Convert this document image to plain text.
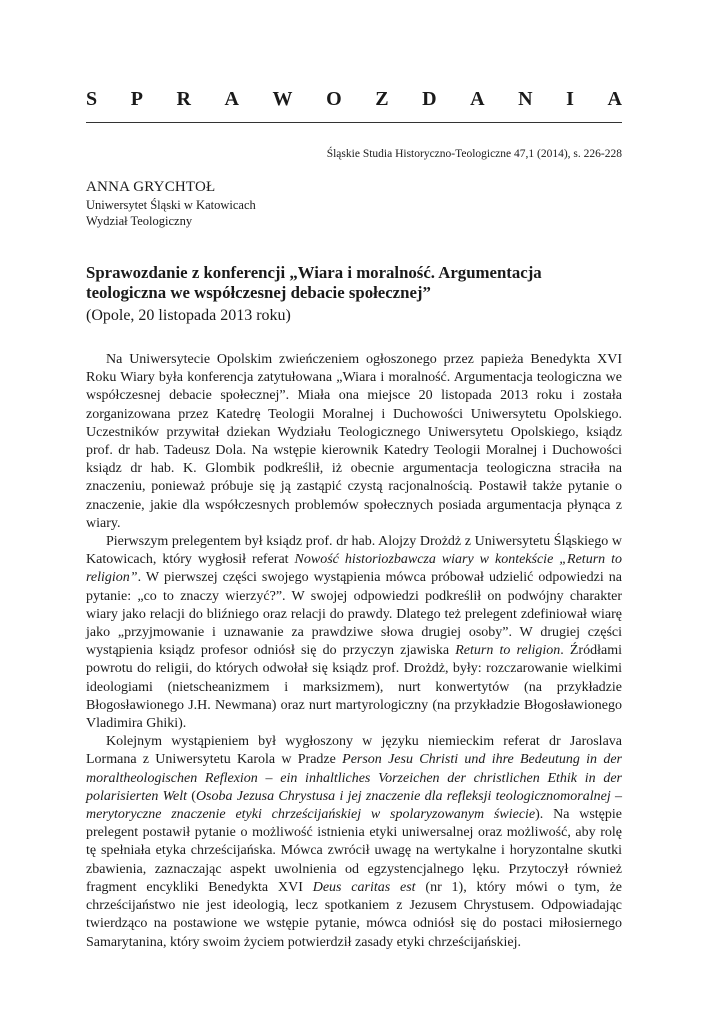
S P R A W O Z D A N I A
Śląskie Studia Historyczno-Teologiczne 47,1 (2014), s. 226-228
ANNA GRYCHTOŁ
Uniwersytet Śląski w Katowicach
Wydział Teologiczny
Sprawozdanie z konferencji „Wiara i moralność. Argumentacja teologiczna we współczesnej debacie społecznej”
(Opole, 20 listopada 2013 roku)

Na Uniwersytecie Opolskim zwieńczeniem ogłoszonego przez papieża Benedykta XVI Roku Wiary była konferencja zatytułowana „Wiara i moralność. Argumentacja teologiczna we współczesnej debacie społecznej”. Miała ona miejsce 20 listopada 2013 roku i została zorganizowana przez Katedrę Teologii Moralnej i Duchowości Uniwersytetu Opolskiego. Uczestników przywitał dziekan Wydziału Teologicznego Uniwersytetu Opolskiego, ksiądz prof. dr hab. Tadeusz Dola. Na wstępie kierownik Katedry Teologii Moralnej i Duchowości ksiądz dr hab. K. Glombik podkreślił, iż obecnie argumentacja teologiczna straciła na znaczeniu, ponieważ próbuje się ją zastąpić czystą racjonalnością. Postawił także pytanie o znaczenie, jakie dla współczesnych problemów społecznych posiada argumentacja płynąca z wiary.

Pierwszym prelegentem był ksiądz prof. dr hab. Alojzy Drożdż z Uniwersytetu Śląskiego w Katowicach, który wygłosił referat Nowość historiozbawcza wiary w kontekście „Return to religion”. W pierwszej części swojego wystąpienia mówca próbował udzielić odpowiedzi na pytanie: „co to znaczy wierzyć?”. W swojej odpowiedzi podkreślił on podwójny charakter wiary jako relacji do bliźniego oraz relacji do prawdy. Dlatego też prelegent zdefiniował wiarę jako „przyjmowanie i uznawanie za prawdziwe słowa drugiej osoby”. W drugiej części wystąpienia ksiądz profesor odniósł się do przyczyn zjawiska Return to religion. Źródłami powrotu do religii, do których odwołał się ksiądz prof. Drożdż, były: rozczarowanie wielkimi ideologiami (nietscheanizmem i marksizmem), nurt konwertytów (na przykładzie Błogosławionego J.H. Newmana) oraz nurt martyrologiczny (na przykładzie Błogosławionego Vladimira Ghiki).

Kolejnym wystąpieniem był wygłoszony w języku niemieckim referat dr Jaroslava Lormana z Uniwersytetu Karola w Pradze Person Jesu Christi und ihre Bedeutung in der moraltheologischen Reflexion – ein inhaltliches Vorzeichen der christlichen Ethik in der polarisierten Welt (Osoba Jezusa Chrystusa i jej znaczenie dla refleksji teologicznomoralnej – merytoryczne znaczenie etyki chrześcijańskiej w spolaryzowanym świecie). Na wstępie prelegent postawił pytanie o możliwość istnienia etyki uniwersalnej oraz możliwość, aby rolę tę spełniała etyka chrześcijańska. Mówca zwrócił uwagę na wertykalne i horyzontalne skutki zbawienia, zaznaczając aspekt uwolnienia od egzystencjalnego lęku. Przytoczył również fragment encykliki Benedykta XVI Deus caritas est (nr 1), który mówi o tym, że chrześcijaństwo nie jest ideologią, lecz spotkaniem z Jezusem Chrystusem. Odpowiadając twierdząco na postawione we wstępie pytanie, mówca odniósł się do postaci miłosiernego Samarytanina, który swoim życiem potwierdził zasady etyki chrześcijańskiej.
